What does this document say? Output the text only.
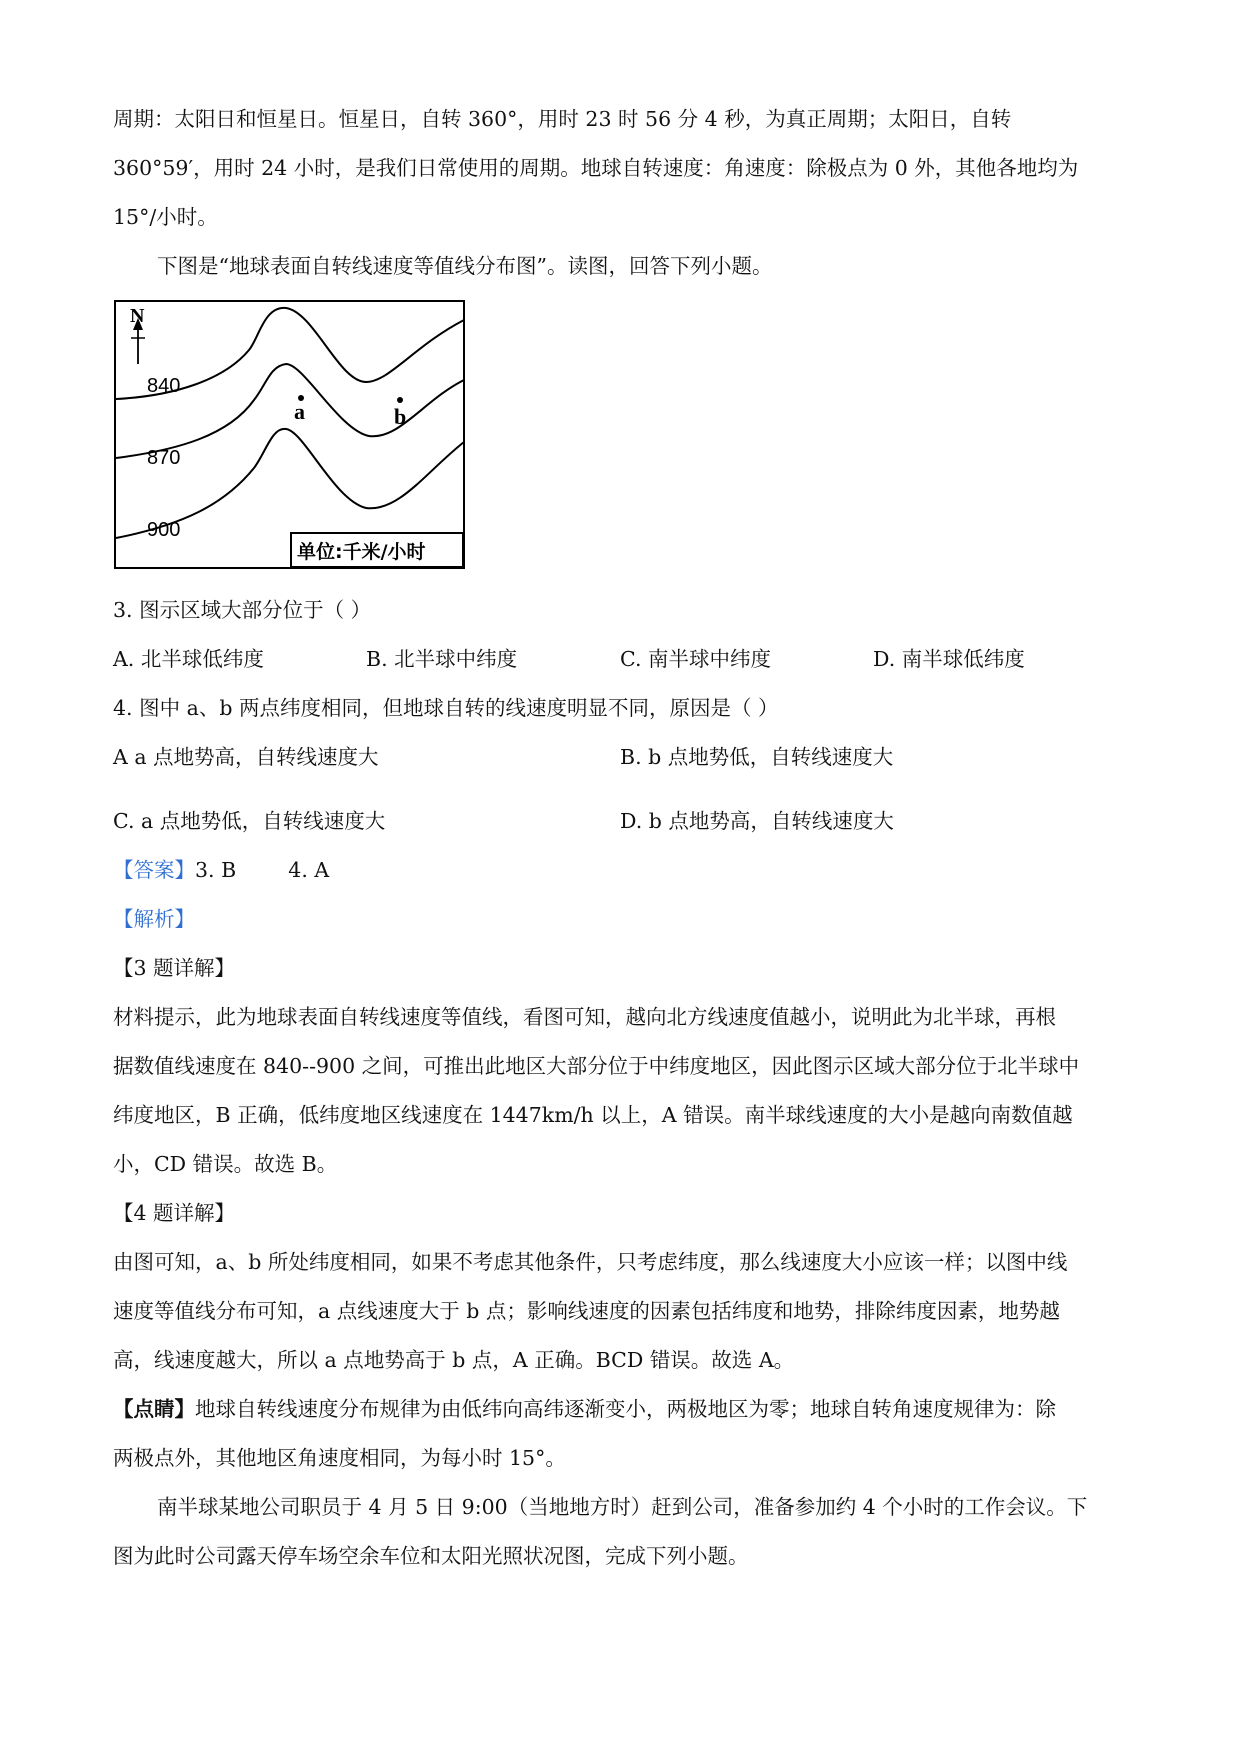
周期：太阳日和恒星日。恒星日，自转 360°，用时 23 时 56 分 4 秒，为真正周期；太阳日，自转
360°59′，用时 24 小时，是我们日常使用的周期。地球自转速度：角速度：除极点为 0 外，其他各地均为
15°/小时。
下图是“地球表面自转线速度等值线分布图”。读图，回答下列小题。
N
840
870
900
a	b
单位:千米/小时
3. 图示区域大部分位于（ ）
A. 北半球低纬度	B. 北半球中纬度	C. 南半球中纬度	D. 南半球低纬度
4. 图中 a、b 两点纬度相同，但地球自转的线速度明显不同，原因是（ ）
A a 点地势高，自转线速度大	B. b 点地势低，自转线速度大
C. a 点地势低，自转线速度大	D. b 点地势高，自转线速度大
【答案】3. B        4. A
【解析】
【3 题详解】
材料提示，此为地球表面自转线速度等值线，看图可知，越向北方线速度值越小，说明此为北半球，再根
据数值线速度在 840--900 之间，可推出此地区大部分位于中纬度地区，因此图示区域大部分位于北半球中
纬度地区，B 正确，低纬度地区线速度在 1447km/h 以上，A 错误。南半球线速度的大小是越向南数值越
小，CD 错误。故选 B。
【4 题详解】
由图可知，a、b 所处纬度相同，如果不考虑其他条件，只考虑纬度，那么线速度大小应该一样；以图中线
速度等值线分布可知，a 点线速度大于 b 点；影响线速度的因素包括纬度和地势，排除纬度因素，地势越
高，线速度越大，所以 a 点地势高于 b 点，A 正确。BCD 错误。故选 A。
【点睛】地球自转线速度分布规律为由低纬向高纬逐渐变小，两极地区为零；地球自转角速度规律为：除
两极点外，其他地区角速度相同，为每小时 15°。
南半球某地公司职员于 4 月 5 日 9:00（当地地方时）赶到公司，准备参加约 4 个小时的工作会议。下
图为此时公司露天停车场空余车位和太阳光照状况图，完成下列小题。
